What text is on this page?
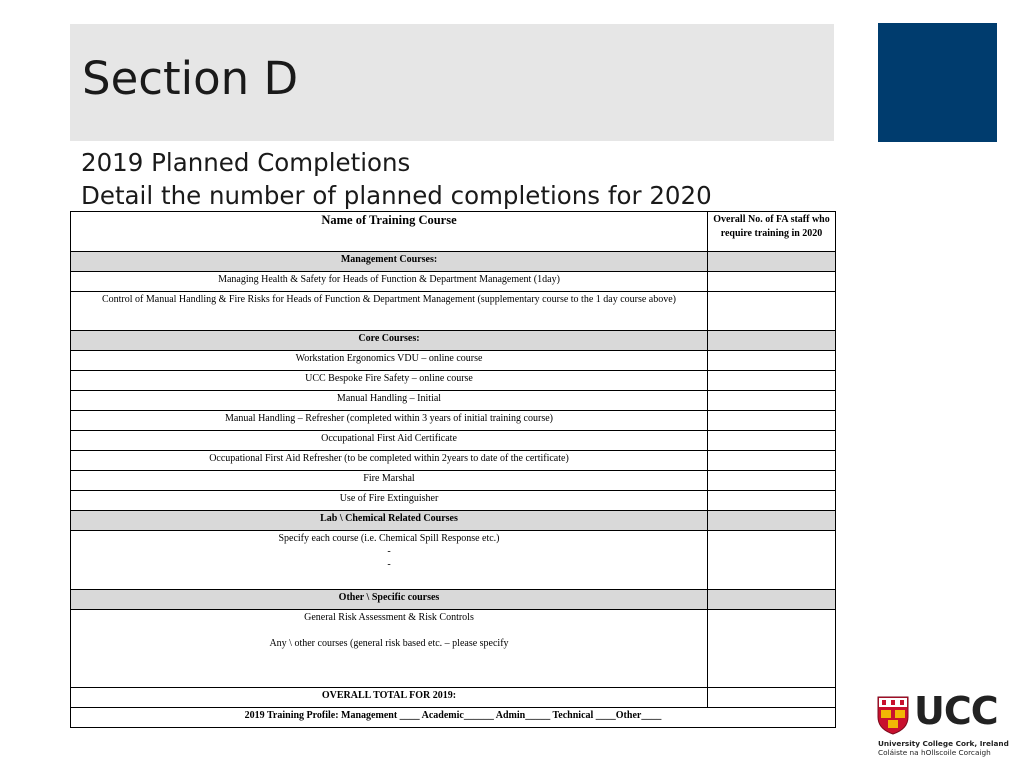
Section D
2019 Planned Completions
Detail the number of planned completions for 2020
Name of Training Course	Overall No. of FA staff who require training in 2020
Management Courses:	
Managing Health & Safety for Heads of Function & Department Management (1day)	
Control of Manual Handling & Fire Risks for Heads of Function & Department Management (supplementary course to the 1 day course above)	
Core Courses:	
Workstation Ergonomics VDU – online course	
UCC Bespoke Fire Safety – online course	
Manual Handling – Initial	
Manual Handling – Refresher (completed within 3 years of initial training course)	
Occupational First Aid Certificate	
Occupational First Aid Refresher (to be completed within 2years to date of the certificate)	
Fire Marshal	
Use of Fire Extinguisher	
Lab \ Chemical Related Courses	

Specify each course (i.e. Chemical Spill Response etc.)
-
-	

Other \ Specific courses	

General Risk Assessment & Risk Controls
Any \ other courses (general risk based etc. – please specify	

OVERALL TOTAL FOR 2019:	
2019 Training Profile: Management ____ Academic______ Admin_____ Technical ____Other____		UCC
University College Cork, Ireland
Coláiste na hOllscoile Corcaigh
